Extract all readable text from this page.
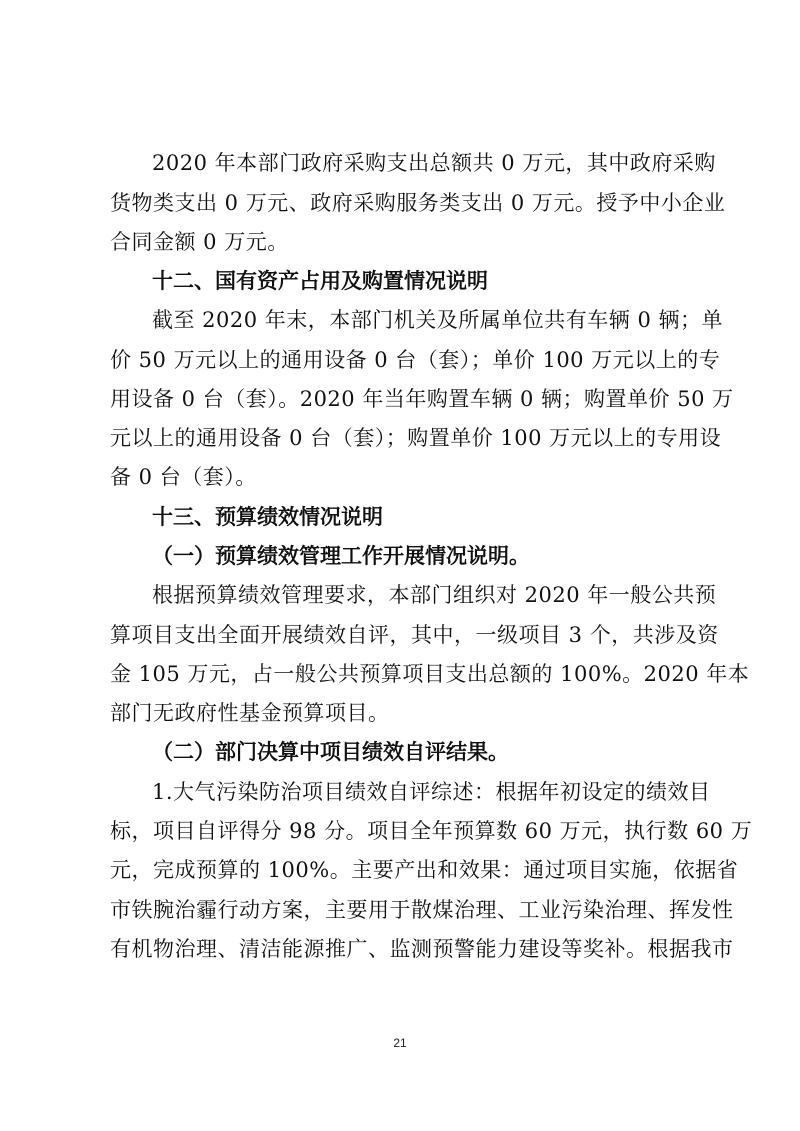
2020 年本部门政府采购支出总额共 0 万元，其中政府采购
货物类支出 0 万元、政府采购服务类支出 0 万元。授予中小企业
合同金额 0 万元。
十二、国有资产占用及购置情况说明
截至 2020 年末，本部门机关及所属单位共有车辆 0 辆；单
价 50 万元以上的通用设备 0 台（套）；单价 100 万元以上的专
用设备 0 台（套）。2020 年当年购置车辆 0 辆；购置单价 50 万
元以上的通用设备 0 台（套）；购置单价 100 万元以上的专用设
备 0 台（套）。
十三、预算绩效情况说明
（一）预算绩效管理工作开展情况说明。
根据预算绩效管理要求，本部门组织对 2020 年一般公共预
算项目支出全面开展绩效自评，其中，一级项目 3 个，共涉及资
金 105 万元，占一般公共预算项目支出总额的 100%。2020 年本
部门无政府性基金预算项目。
（二）部门决算中项目绩效自评结果。
1.大气污染防治项目绩效自评综述：根据年初设定的绩效目
标，项目自评得分 98 分。项目全年预算数 60 万元，执行数 60 万
元，完成预算的 100%。主要产出和效果：通过项目实施，依据省
市铁腕治霾行动方案，主要用于散煤治理、工业污染治理、挥发性
有机物治理、清洁能源推广、监测预警能力建设等奖补。根据我市
21
